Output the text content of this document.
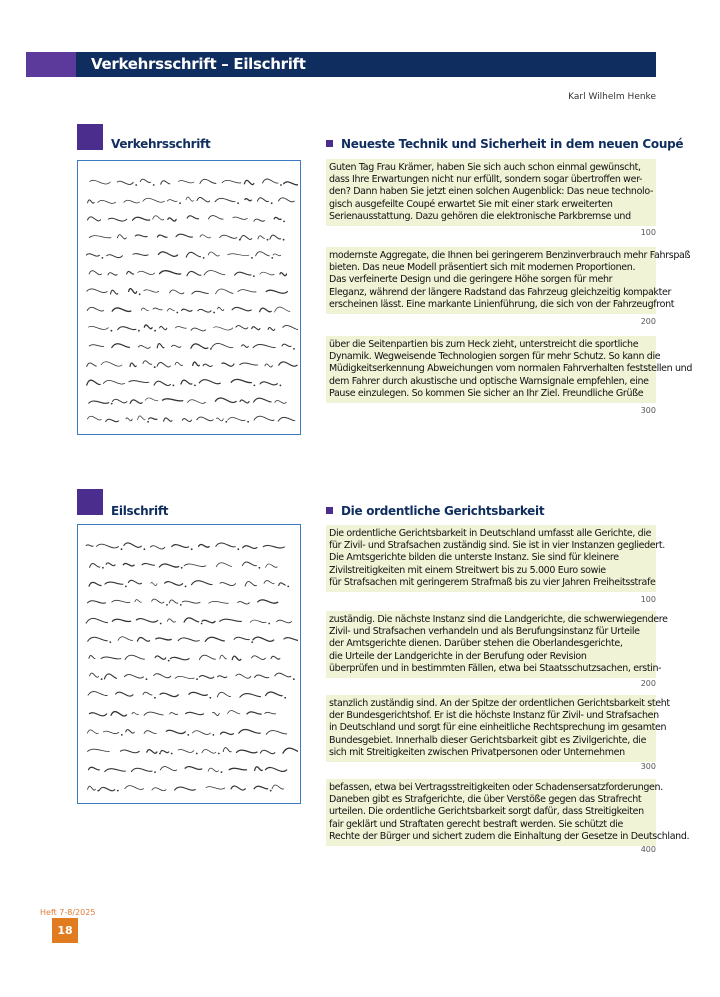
Verkehrsschrift – Eilschrift
Karl Wilhelm Henke
Verkehrsschrift	Neueste Technik und Sicherheit in dem neuen Coupé
Guten Tag Frau Krämer, haben Sie sich auch schon einmal gewünscht,
dass Ihre Erwartungen nicht nur erfüllt, sondern sogar übertroffen wer-
den? Dann haben Sie jetzt einen solchen Augenblick: Das neue technolo-
gisch ausgefeilte Coupé erwartet Sie mit einer stark erweiterten
Serienausstattung. Dazu gehören die elektronische Parkbremse und
100
modernste Aggregate, die Ihnen bei geringerem Benzinverbrauch mehr Fahrspaß
bieten. Das neue Modell präsentiert sich mit modernen Proportionen.
Das verfeinerte Design und die geringere Höhe sorgen für mehr
Eleganz, während der längere Radstand das Fahrzeug gleichzeitig kompakter
erscheinen lässt. Eine markante Linienführung, die sich von der Fahrzeugfront
200
über die Seitenpartien bis zum Heck zieht, unterstreicht die sportliche
Dynamik. Wegweisende Technologien sorgen für mehr Schutz. So kann die
Müdigkeitserkennung Abweichungen vom normalen Fahrverhalten feststellen und
dem Fahrer durch akustische und optische Warnsignale empfehlen, eine
Pause einzulegen. So kommen Sie sicher an Ihr Ziel. Freundliche Grüße
300
Eilschrift	Die ordentliche Gerichtsbarkeit
Die ordentliche Gerichtsbarkeit in Deutschland umfasst alle Gerichte, die
für Zivil- und Strafsachen zuständig sind. Sie ist in vier Instanzen gegliedert.
Die Amtsgerichte bilden die unterste Instanz. Sie sind für kleinere
Zivilstreitigkeiten mit einem Streitwert bis zu 5.000 Euro sowie
für Strafsachen mit geringerem Strafmaß bis zu vier Jahren Freiheitsstrafe
100
zuständig. Die nächste Instanz sind die Landgerichte, die schwerwiegendere
Zivil- und Strafsachen verhandeln und als Berufungsinstanz für Urteile
der Amtsgerichte dienen. Darüber stehen die Oberlandesgerichte,
die Urteile der Landgerichte in der Berufung oder Revision
überprüfen und in bestimmten Fällen, etwa bei Staatsschutzsachen, erstin-
200
stanzlich zuständig sind. An der Spitze der ordentlichen Gerichtsbarkeit steht
der Bundesgerichtshof. Er ist die höchste Instanz für Zivil- und Strafsachen
in Deutschland und sorgt für eine einheitliche Rechtsprechung im gesamten
Bundesgebiet. Innerhalb dieser Gerichtsbarkeit gibt es Zivilgerichte, die
sich mit Streitigkeiten zwischen Privatpersonen oder Unternehmen
300
befassen, etwa bei Vertragsstreitigkeiten oder Schadensersatzforderungen.
Daneben gibt es Strafgerichte, die über Verstöße gegen das Strafrecht
urteilen. Die ordentliche Gerichtsbarkeit sorgt dafür, dass Streitigkeiten
fair geklärt und Straftaten gerecht bestraft werden. Sie schützt die
Rechte der Bürger und sichert zudem die Einhaltung der Gesetze in Deutschland.
400
Heft 7-8/2025
18
